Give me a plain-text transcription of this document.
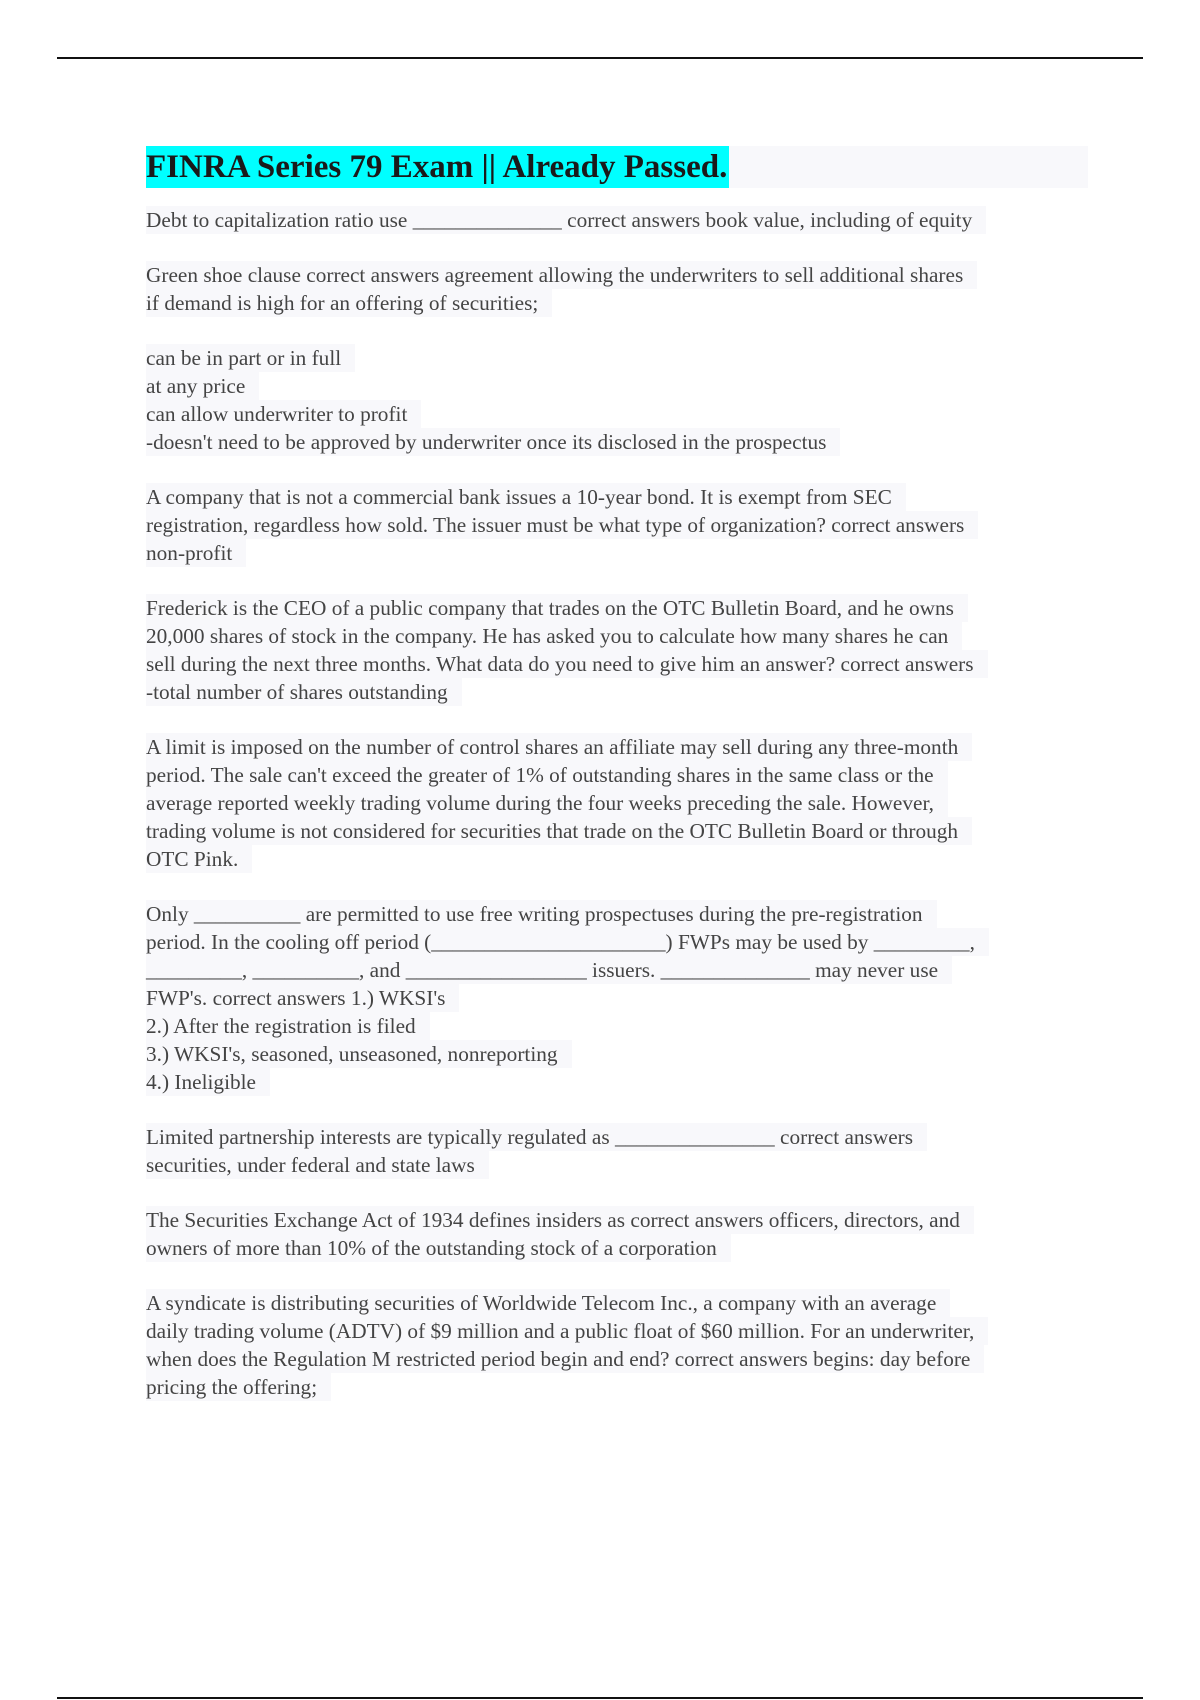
FINRA Series 79 Exam || Already Passed.
Debt to capitalization ratio use ______________ correct answers book value, including of equity
Green shoe clause correct answers agreement allowing the underwriters to sell additional shares
if demand is high for an offering of securities;
can be in part or in full
at any price
can allow underwriter to profit
-doesn't need to be approved by underwriter once its disclosed in the prospectus
A company that is not a commercial bank issues a 10-year bond. It is exempt from SEC
registration, regardless how sold. The issuer must be what type of organization? correct answers
non-profit
Frederick is the CEO of a public company that trades on the OTC Bulletin Board, and he owns
20,000 shares of stock in the company. He has asked you to calculate how many shares he can
sell during the next three months. What data do you need to give him an answer? correct answers
-total number of shares outstanding
A limit is imposed on the number of control shares an affiliate may sell during any three-month
period. The sale can't exceed the greater of 1% of outstanding shares in the same class or the
average reported weekly trading volume during the four weeks preceding the sale. However,
trading volume is not considered for securities that trade on the OTC Bulletin Board or through
OTC Pink.
Only __________ are permitted to use free writing prospectuses during the pre-registration
period. In the cooling off period (______________________) FWPs may be used by _________,
_________, __________, and _________________ issuers. ______________ may never use
FWP's. correct answers 1.) WKSI's
2.) After the registration is filed
3.) WKSI's, seasoned, unseasoned, nonreporting
4.) Ineligible
Limited partnership interests are typically regulated as _______________ correct answers
securities, under federal and state laws
The Securities Exchange Act of 1934 defines insiders as correct answers officers, directors, and
owners of more than 10% of the outstanding stock of a corporation
A syndicate is distributing securities of Worldwide Telecom Inc., a company with an average
daily trading volume (ADTV) of $9 million and a public float of $60 million. For an underwriter,
when does the Regulation M restricted period begin and end? correct answers begins: day before
pricing the offering;
